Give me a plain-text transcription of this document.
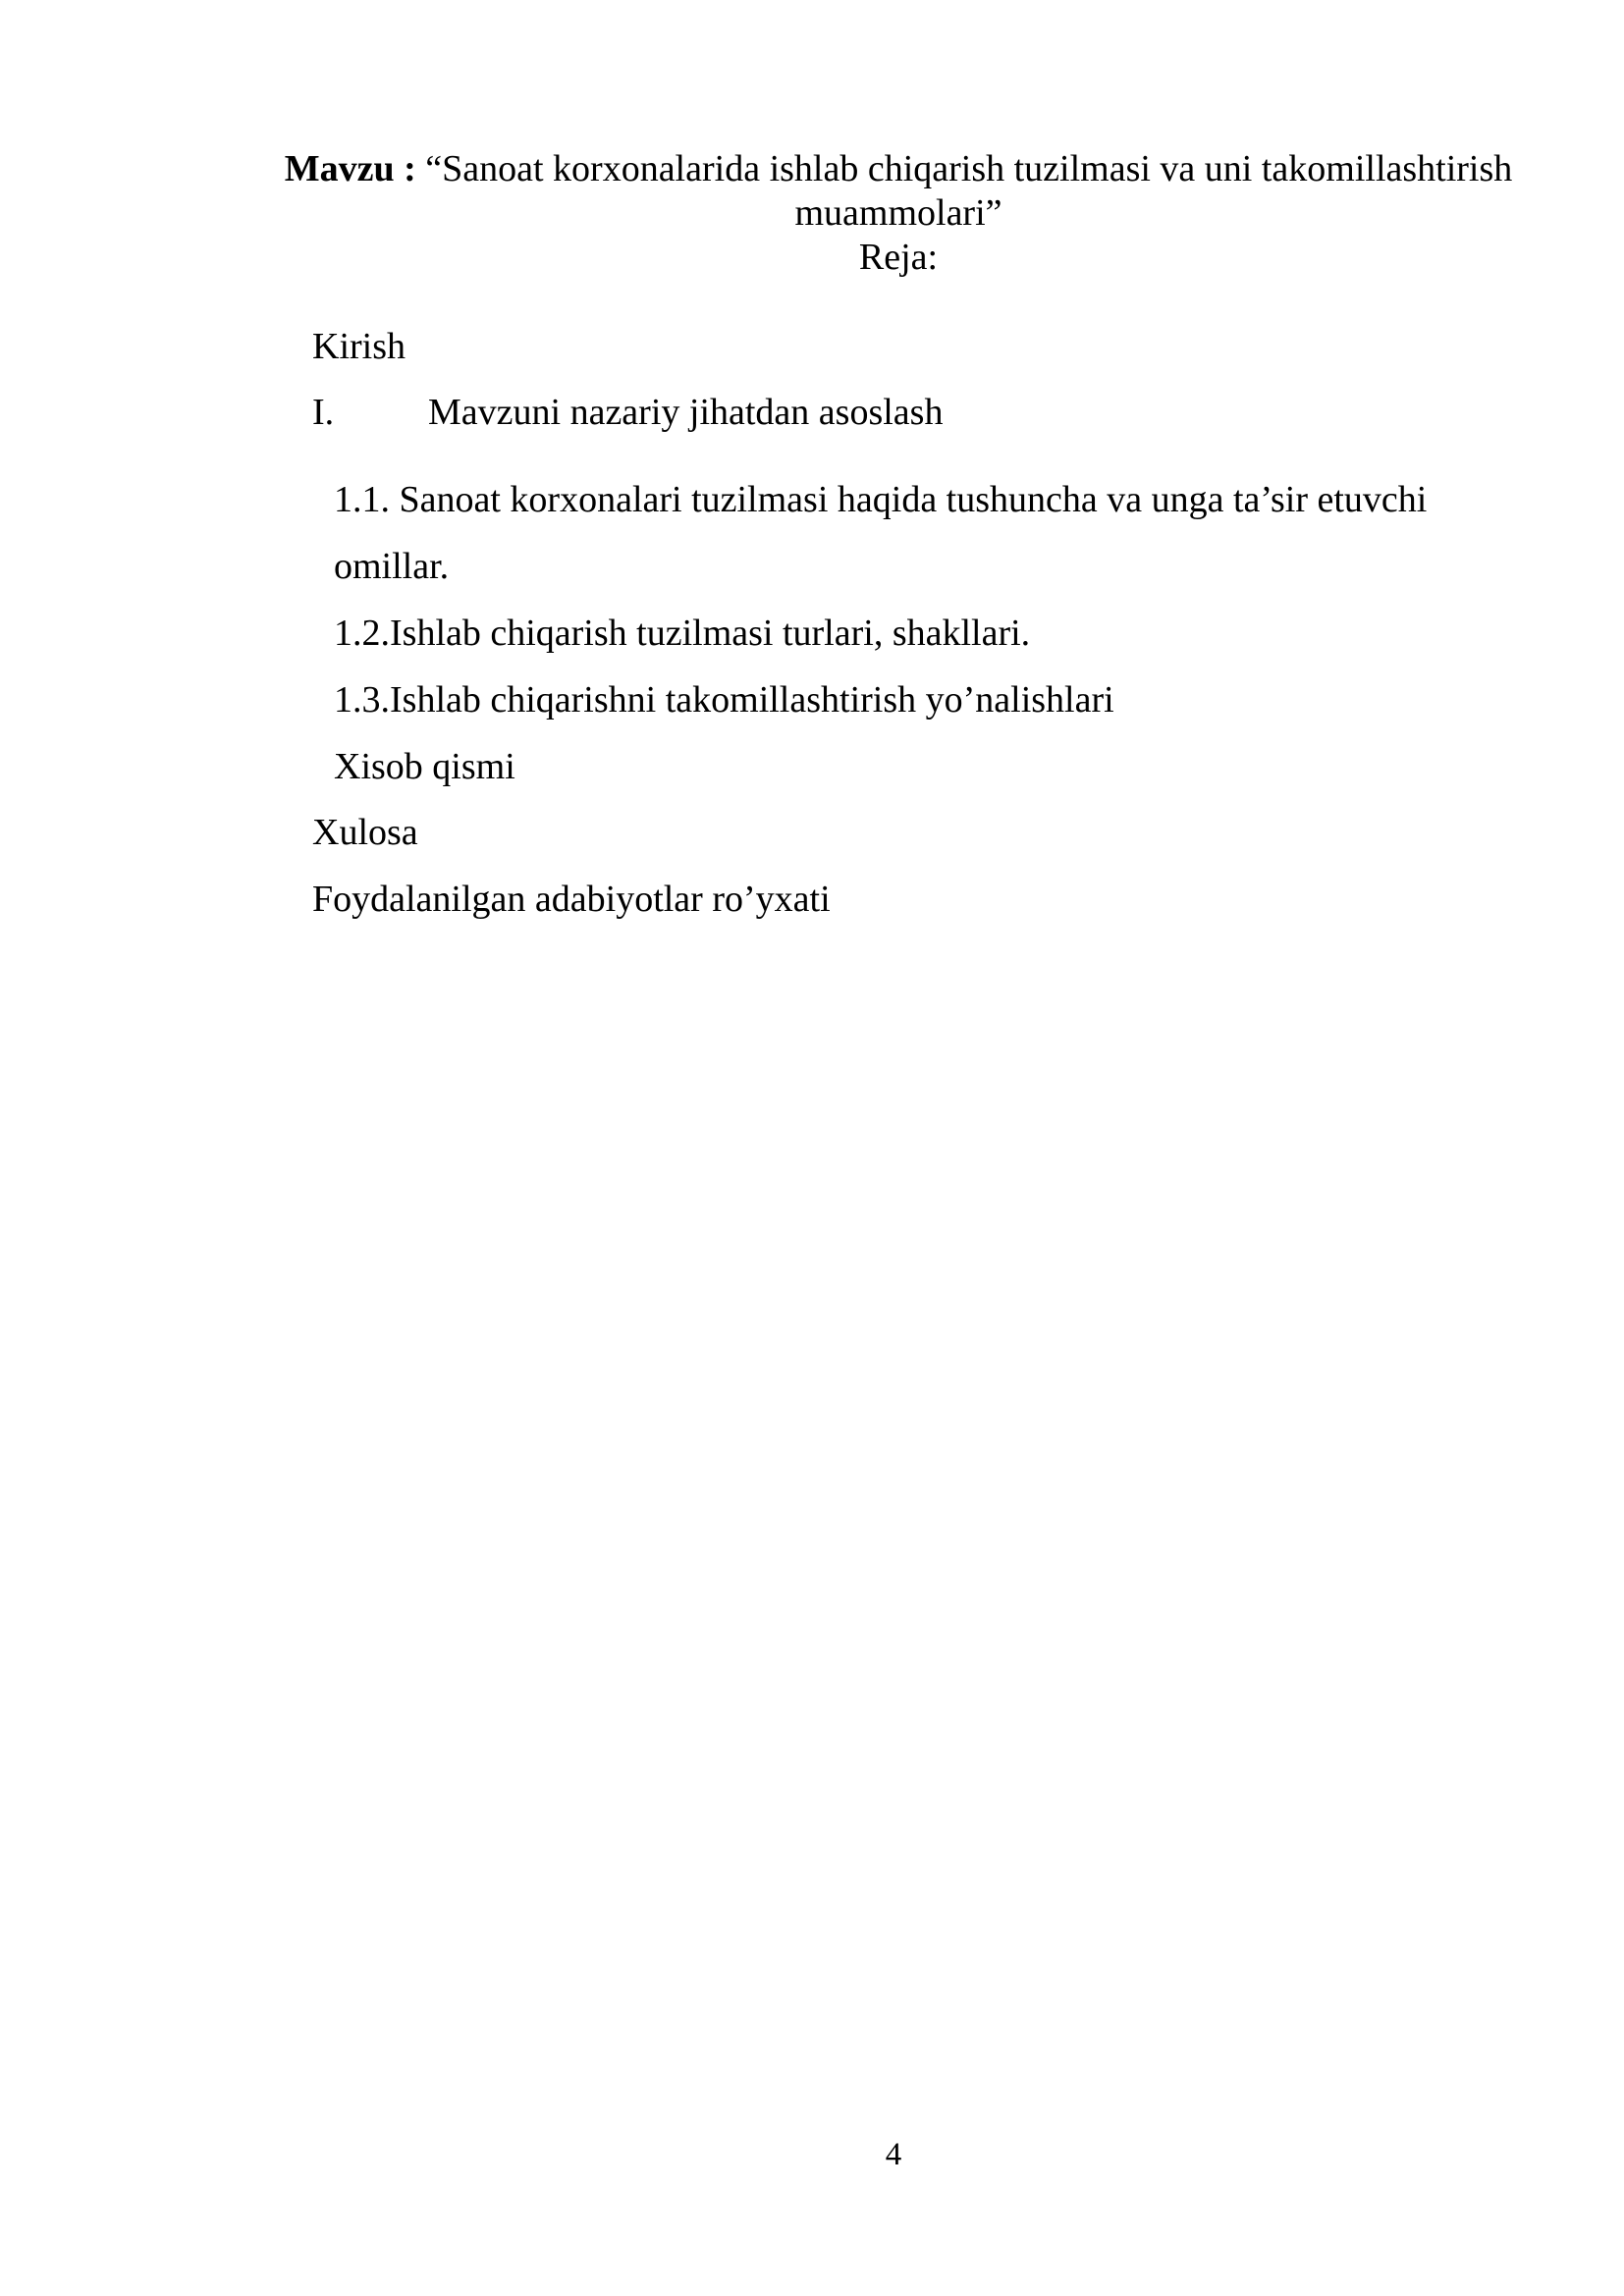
Mavzu : “Sanoat korxonalarida ishlab chiqarish tuzilmasi va uni takomillashtirish muammolari”
Reja:
Kirish
I.	Mavzuni nazariy jihatdan asoslash
1.1. Sanoat korxonalari tuzilmasi haqida tushuncha va unga ta’sir etuvchi
omillar.
1.2.Ishlab chiqarish tuzilmasi turlari, shakllari.
1.3.Ishlab chiqarishni takomillashtirish yo’nalishlari
Xisob qismi
Xulosa
Foydalanilgan adabiyotlar ro’yxati
4
